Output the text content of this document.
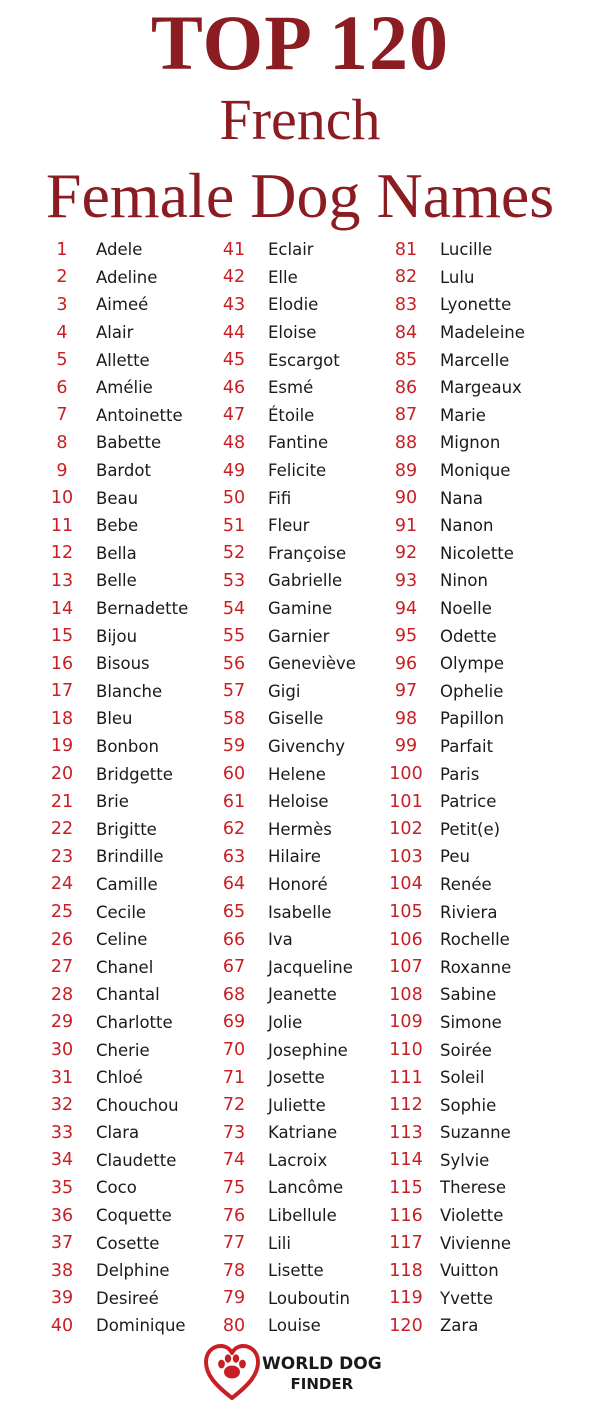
TOP 120
French
Female Dog Names
1	Adele
2	Adeline
3	Aimeé
4	Alair
5	Allette
6	Amélie
7	Antoinette
8	Babette
9	Bardot
10	Beau
11	Bebe
12	Bella
13	Belle
14	Bernadette
15	Bijou
16	Bisous
17	Blanche
18	Bleu
19	Bonbon
20	Bridgette
21	Brie
22	Brigitte
23	Brindille
24	Camille
25	Cecile
26	Celine
27	Chanel
28	Chantal
29	Charlotte
30	Cherie
31	Chloé
32	Chouchou
33	Clara
34	Claudette
35	Coco
36	Coquette
37	Cosette
38	Delphine
39	Desireé
40	Dominique
41	Eclair
42	Elle
43	Elodie
44	Eloise
45	Escargot
46	Esmé
47	Étoile
48	Fantine
49	Felicite
50	Fifi
51	Fleur
52	Françoise
53	Gabrielle
54	Gamine
55	Garnier
56	Geneviève
57	Gigi
58	Giselle
59	Givenchy
60	Helene
61	Heloise
62	Hermès
63	Hilaire
64	Honoré
65	Isabelle
66	Iva
67	Jacqueline
68	Jeanette
69	Jolie
70	Josephine
71	Josette
72	Juliette
73	Katriane
74	Lacroix
75	Lancôme
76	Libellule
77	Lili
78	Lisette
79	Louboutin
80	Louise
81	Lucille
82	Lulu
83	Lyonette
84	Madeleine
85	Marcelle
86	Margeaux
87	Marie
88	Mignon
89	Monique
90	Nana
91	Nanon
92	Nicolette
93	Ninon
94	Noelle
95	Odette
96	Olympe
97	Ophelie
98	Papillon
99	Parfait
100 Paris
101 Patrice
102 Petit(e)
103 Peu
104 Renée
105 Riviera
106 Rochelle
107 Roxanne
108 Sabine
109 Simone
110 Soirée
111 Soleil
112 Sophie
113 Suzanne
114 Sylvie
115 Therese
116 Violette
117 Vivienne
118 Vuitton
119 Yvette
120 Zara
WORLD DOG
FINDER
